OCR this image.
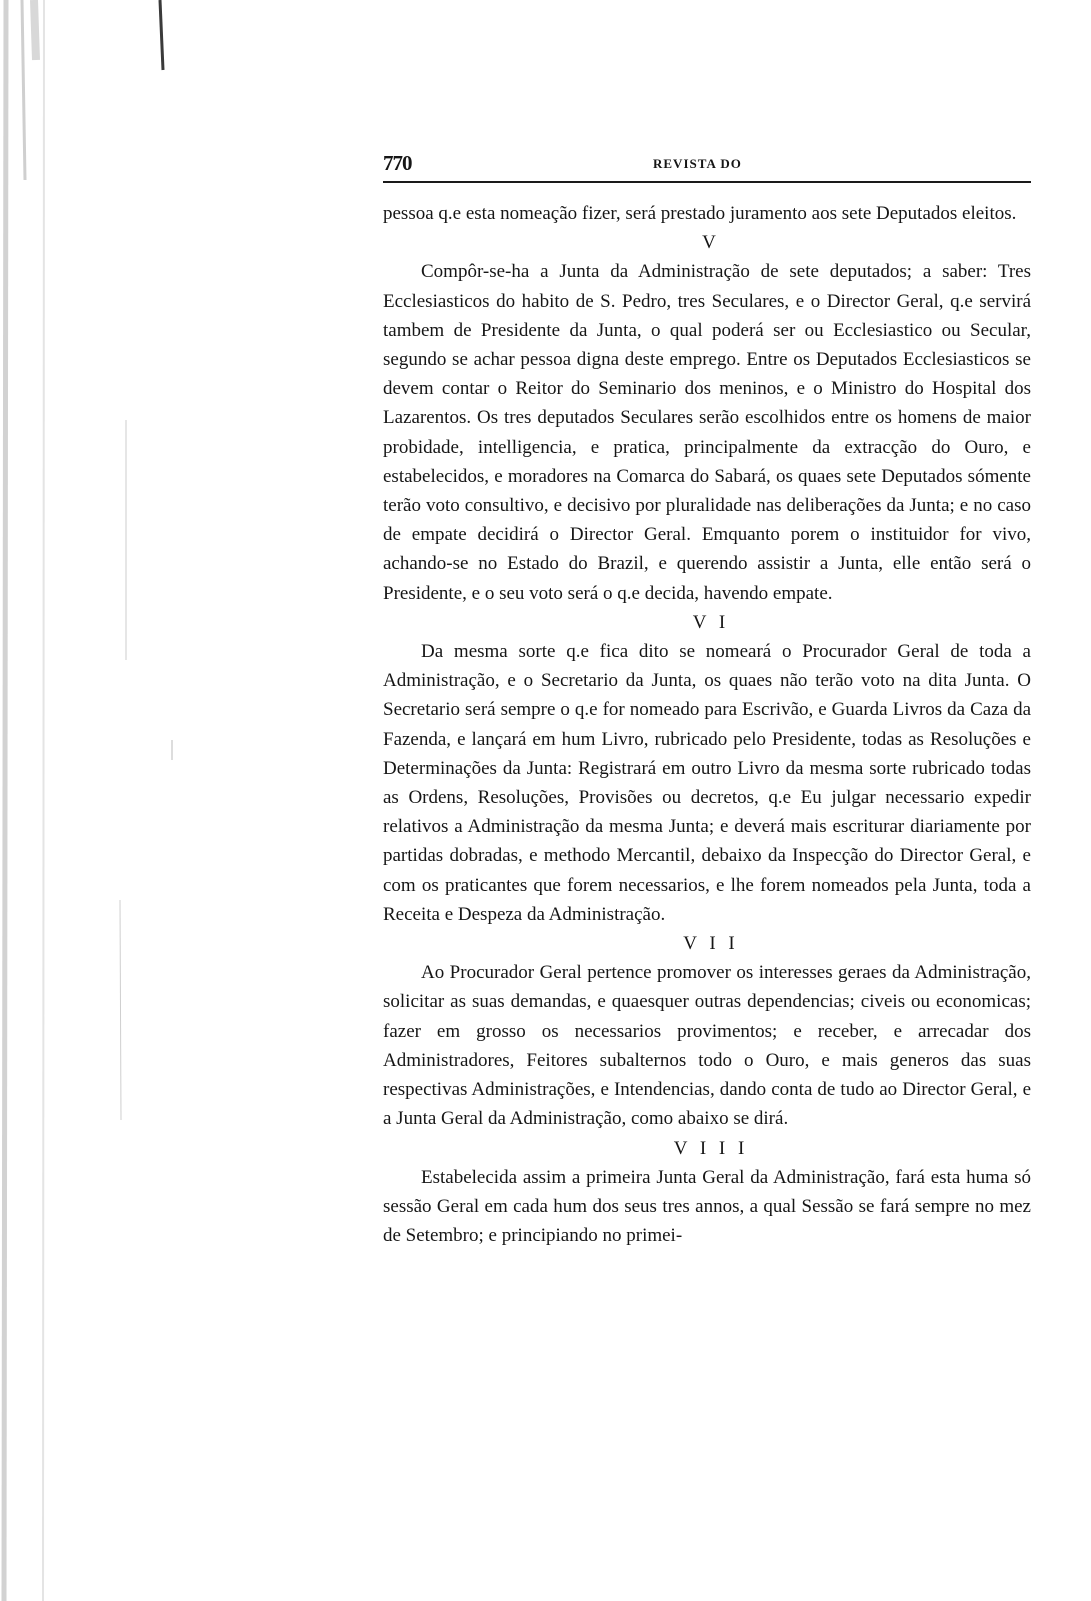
770	REVISTA DO

pessoa q.e esta nomeação fizer, será prestado juramento aos sete Deputados eleitos.

V

Compôr-se-ha a Junta da Administração de sete deputados; a saber: Tres Ecclesiasticos do habito de S. Pedro, tres Seculares, e o Director Geral, q.e servirá tambem de Presidente da Junta, o qual poderá ser ou Ecclesiastico ou Secular, segundo se achar pessoa digna deste emprego. Entre os Deputados Ecclesiasticos se devem contar o Reitor do Seminario dos meninos, e o Ministro do Hospital dos Lazarentos. Os tres deputados Seculares serão escolhidos entre os homens de maior probidade, intelligencia, e pratica, principalmente da extracção do Ouro, e estabelecidos, e moradores na Comarca do Sabará, os quaes sete Deputados sómente terão voto consultivo, e decisivo por pluralidade nas deliberações da Junta; e no caso de empate decidirá o Director Geral. Emquanto porem o instituidor for vivo, achando-se no Estado do Brazil, e querendo assistir a Junta, elle então será o Presidente, e o seu voto será o q.e decida, havendo empate.

V I

Da mesma sorte q.e fica dito se nomeará o Procurador Geral de toda a Administração, e o Secretario da Junta, os quaes não terão voto na dita Junta. O Secretario será sempre o q.e for nomeado para Escrivão, e Guarda Livros da Caza da Fazenda, e lançará em hum Livro, rubricado pelo Presidente, todas as Resoluções e Determinações da Junta: Registrará em outro Livro da mesma sorte rubricado todas as Ordens, Resoluções, Provisões ou decretos, q.e Eu julgar necessario expedir relativos a Administração da mesma Junta; e deverá mais escriturar diariamente por partidas dobradas, e methodo Mercantil, debaixo da Inspecção do Director Geral, e com os praticantes que forem necessarios, e lhe forem nomeados pela Junta, toda a Receita e Despeza da Administração.

V I I

Ao Procurador Geral pertence promover os interesses geraes da Administração, solicitar as suas demandas, e quaesquer outras dependencias; civeis ou economicas; fazer em grosso os necessarios provimentos; e receber, e arrecadar dos Administradores, Feitores subalternos todo o Ouro, e mais generos das suas respectivas Administrações, e Intendencias, dando conta de tudo ao Director Geral, e a Junta Geral da Administração, como abaixo se dirá.

V I I I

Estabelecida assim a primeira Junta Geral da Administração, fará esta huma só sessão Geral em cada hum dos seus tres annos, a qual Sessão se fará sempre no mez de Setembro; e principiando no primei-
